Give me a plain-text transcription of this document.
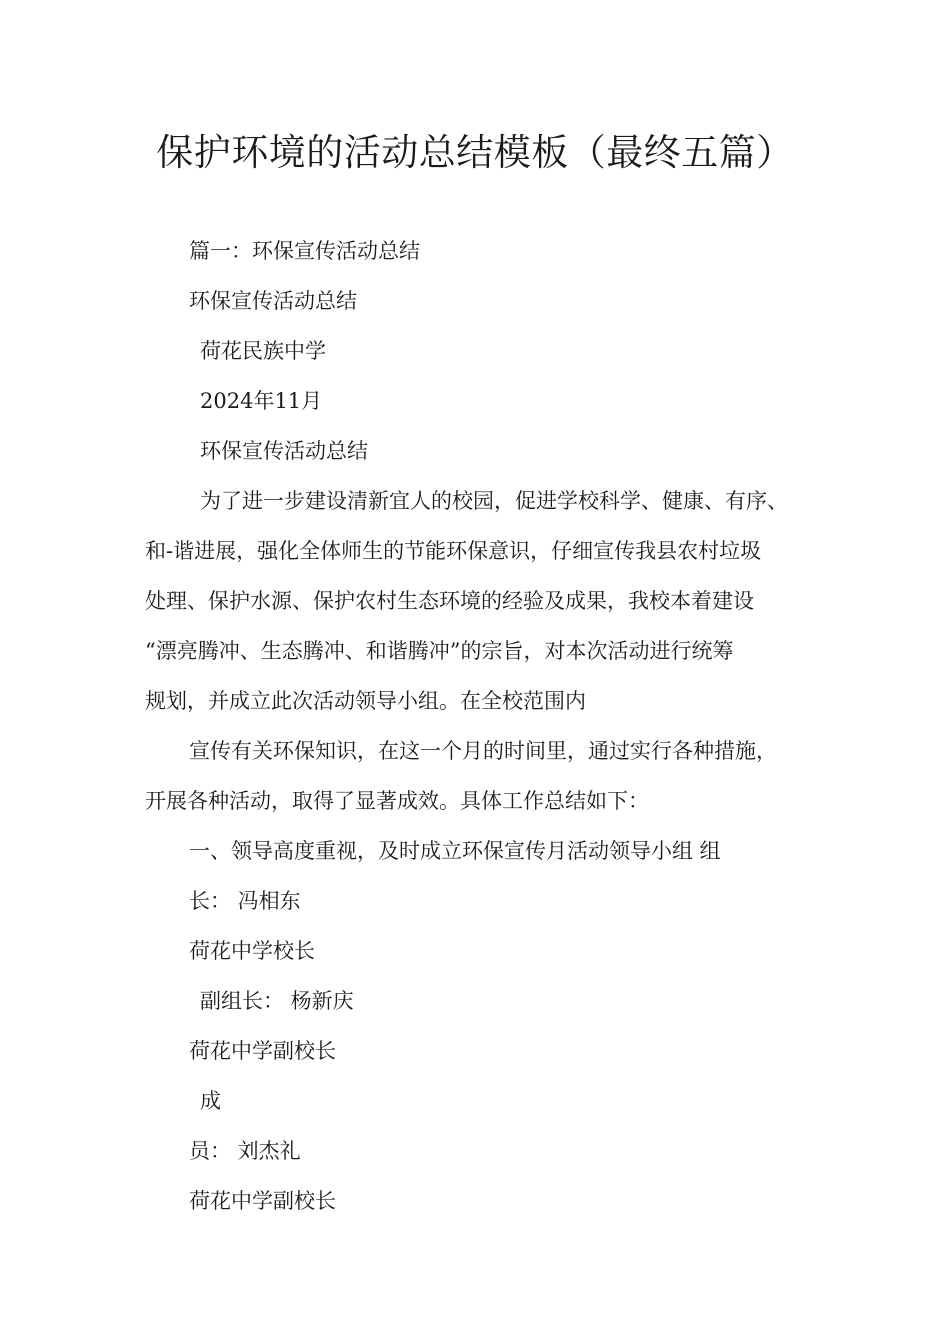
保护环境的活动总结模板（最终五篇）

篇一：环保宣传活动总结

环保宣传活动总结

荷花民族中学

2024年11月

环保宣传活动总结

为了进一步建设清新宜人的校园，促进学校科学、健康、有序、

和-谐进展，强化全体师生的节能环保意识，仔细宣传我县农村垃圾

处理、保护水源、保护农村生态环境的经验及成果，我校本着建设

“漂亮腾冲、生态腾冲、和谐腾冲”的宗旨，对本次活动进行统筹

规划，并成立此次活动领导小组。在全校范围内

宣传有关环保知识，在这一个月的时间里，通过实行各种措施，

开展各种活动，取得了显著成效。具体工作总结如下：

一、领导高度重视，及时成立环保宣传月活动领导小组 组

长： 冯相东

荷花中学校长

副组长： 杨新庆

荷花中学副校长

成

员： 刘杰礼

荷花中学副校长
